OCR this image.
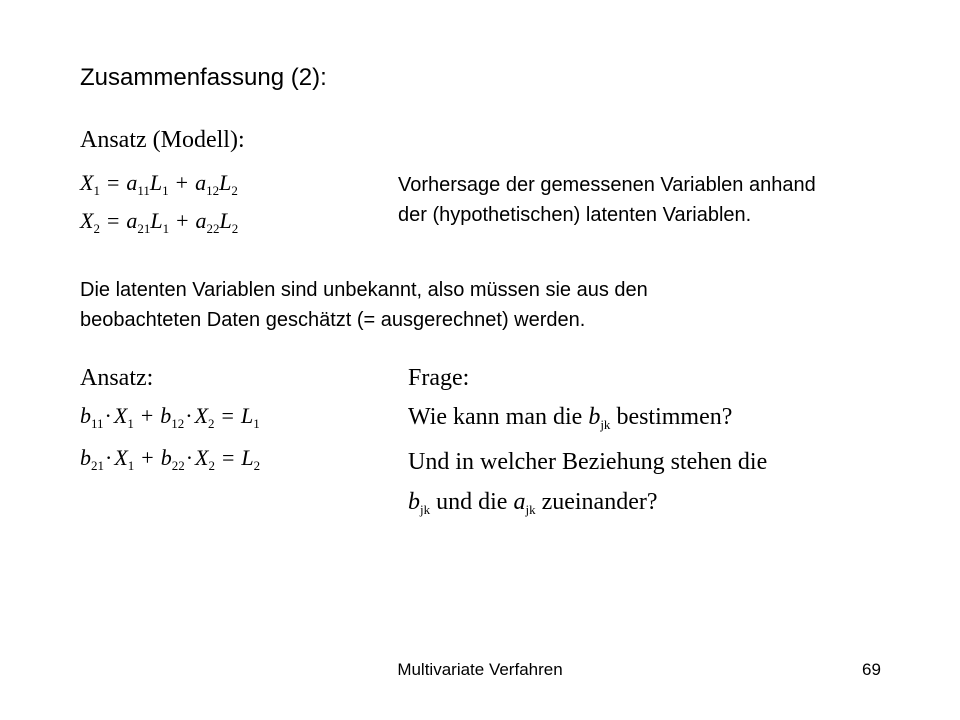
Zusammenfassung (2):
Ansatz (Modell):
$X_1 = a_{11}L_1 + a_{12}L_2$
$X_2 = a_{21}L_1 + a_{22}L_2$
Vorhersage der gemessenen Variablen anhand
der (hypothetischen) latenten Variablen.
Die latenten Variablen sind unbekannt, also müssen sie aus den
beobachteten Daten geschätzt (= ausgerechnet) werden.
Ansatz:
$b_{11}\cdot X_1 + b_{12}\cdot X_2 = L_1$
$b_{21}\cdot X_1 + b_{22}\cdot X_2 = L_2$
Frage:
Wie kann man die $b_{jk}$ bestimmen?
Und in welcher Beziehung stehen die
$b_{jk}$ und die $a_{jk}$ zueinander?
Multivariate Verfahren	69
